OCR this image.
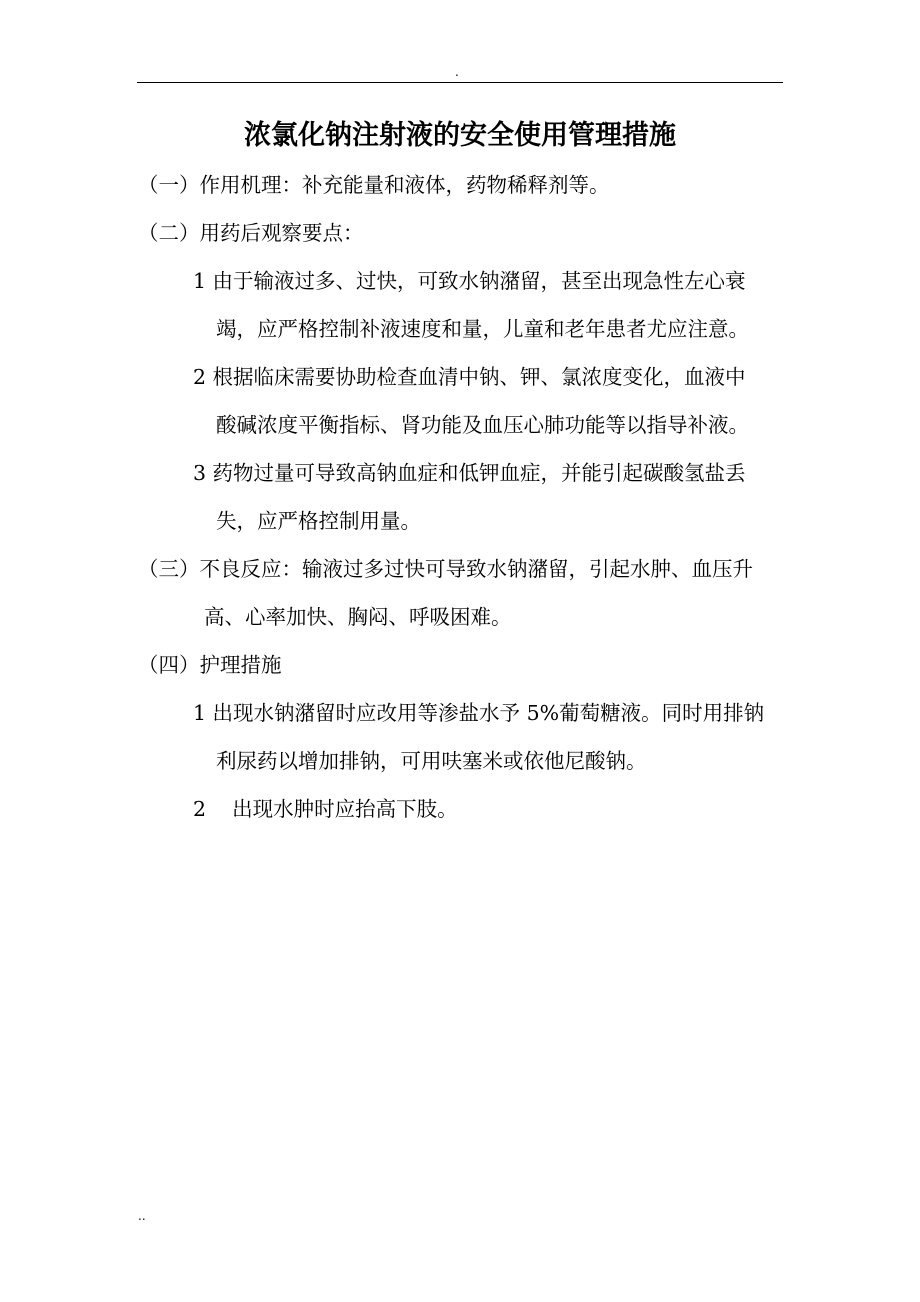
.
浓氯化钠注射液的安全使用管理措施
（一）作用机理：补充能量和液体，药物稀释剂等。
（二）用药后观察要点：
1 由于输液过多、过快，可致水钠潴留，甚至出现急性左心衰
竭，应严格控制补液速度和量，儿童和老年患者尤应注意。
2 根据临床需要协助检查血清中钠、钾、氯浓度变化，血液中
酸碱浓度平衡指标、肾功能及血压心肺功能等以指导补液。
3 药物过量可导致高钠血症和低钾血症，并能引起碳酸氢盐丢
失，应严格控制用量。
（三）不良反应：输液过多过快可导致水钠潴留，引起水肿、血压升
高、心率加快、胸闷、呼吸困难。
（四）护理措施
1 出现水钠潴留时应改用等渗盐水予 5%葡萄糖液。同时用排钠
利尿药以增加排钠，可用呋塞米或依他尼酸钠。
2    出现水肿时应抬高下肢。
..
